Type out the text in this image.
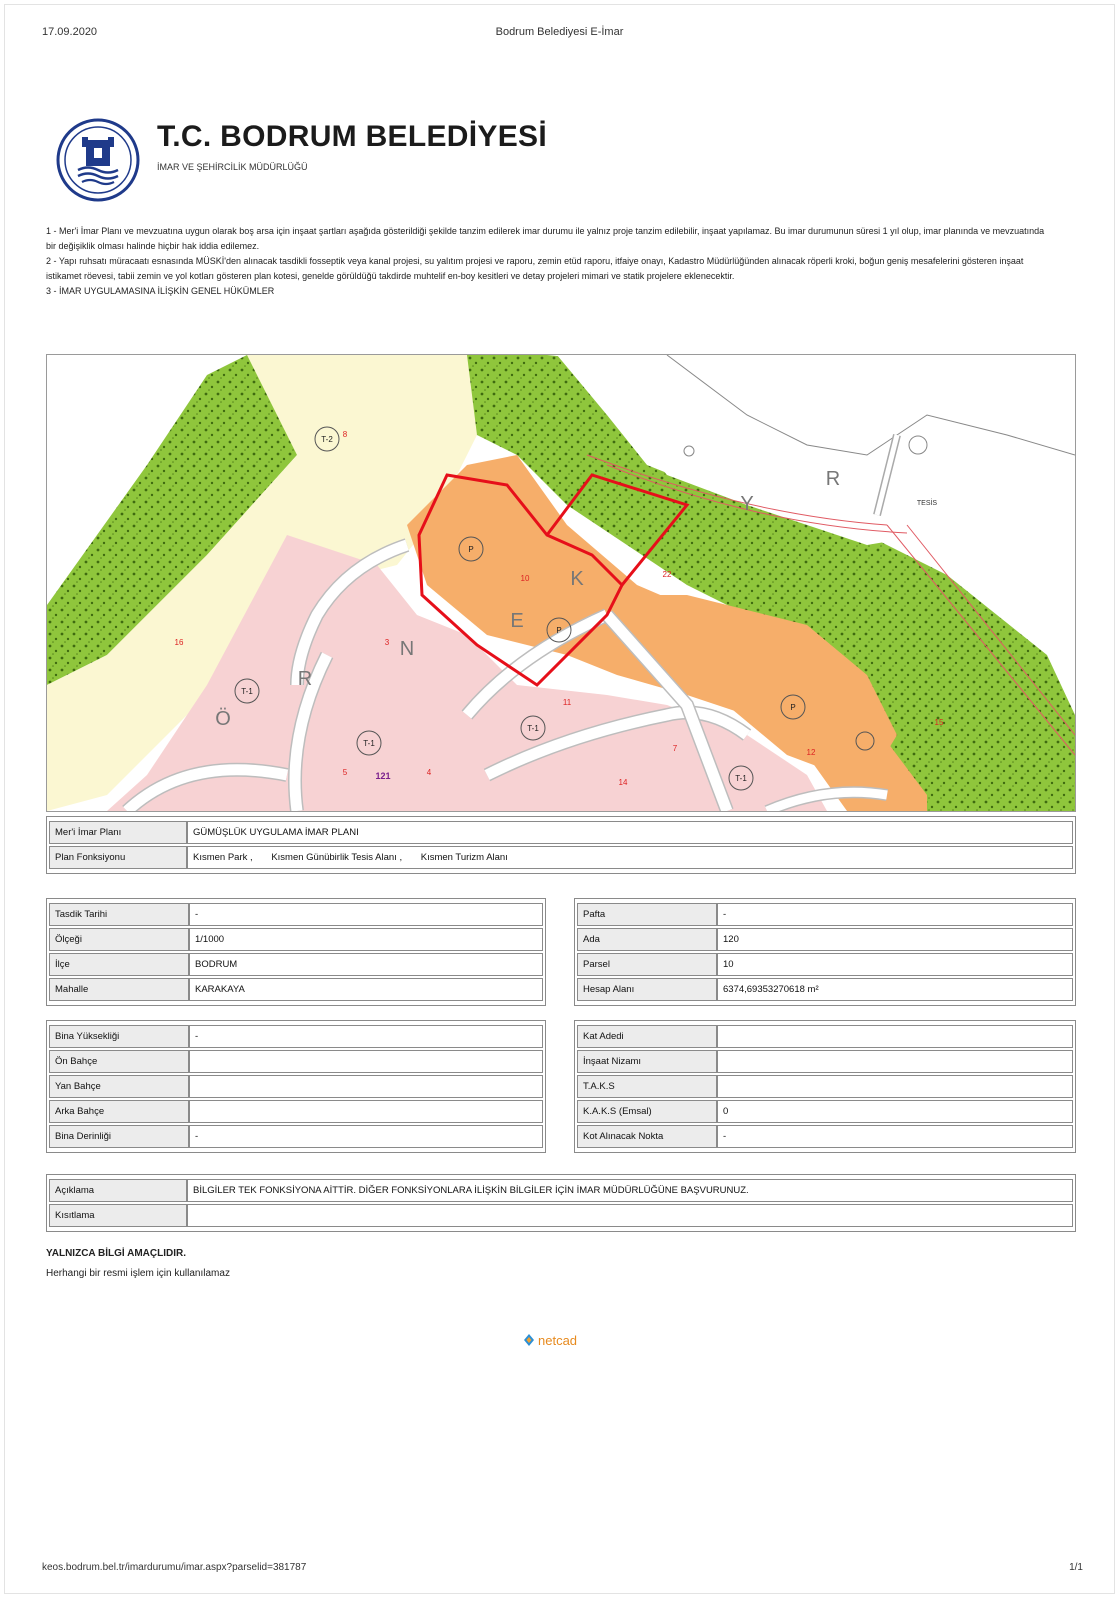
17.09.2020	Bodrum Belediyesi E-İmar
T.C. BODRUM BELEDİYESİ
İMAR VE ŞEHİRCİLİK MÜDÜRLÜĞÜ

1 - Mer'i İmar Planı ve mevzuatına uygun olarak boş arsa için inşaat şartları aşağıda gösterildiği şekilde tanzim edilerek imar durumu ile yalnız proje tanzim edilebilir, inşaat yapılamaz. Bu imar durumunun süresi 1 yıl olup, imar planında ve mevzuatında bir değişiklik olması halinde hiçbir hak iddia edilemez.

2 - Yapı ruhsatı müracaatı esnasında MÜSKİ'den alınacak tasdikli fosseptik veya kanal projesi, su yalıtım projesi ve raporu, zemin etüd raporu, itfaiye onayı, Kadastro Müdürlüğünden alınacak röperli kroki, boğun geniş mesafelerini gösteren inşaat istikamet röevesi, tabii zemin ve yol kotları gösteren plan kotesi, genelde görüldüğü takdirde muhtelif en-boy kesitleri ve detay projeleri mimari ve statik projelere eklenecektir.

3 - İMAR UYGULAMASINA İLİŞKİN GENEL HÜKÜMLER

T-2
T-1
T-1
T-1
T-1
P
P
P
Ö
R
N
E
K
Y
R
8
3
4
5
7
11
12
14
15
16
22
10
121
TESİS
Mer'i İmar Planı	GÜMÜŞLÜK UYGULAMA İMAR PLANI
Plan Fonksiyonu	Kısmen Park , Kısmen Günübirlik Tesis Alanı , Kısmen Turizm Alanı
Tasdik Tarihi	-
Ölçeği	1/1000
İlçe	BODRUM
Mahalle	KARAKAYA
Pafta	-
Ada	120
Parsel	10
Hesap Alanı	6374,69353270618 m²
Bina Yüksekliği	-
Ön Bahçe	
Yan Bahçe	
Arka Bahçe	
Bina Derinliği	-
Kat Adedi	
İnşaat Nizamı	
T.A.K.S	
K.A.K.S (Emsal)	0
Kot Alınacak Nokta	-
Açıklama	BİLGİLER TEK FONKSİYONA AİTTİR. DİĞER FONKSİYONLARA İLİŞKİN BİLGİLER İÇİN İMAR MÜDÜRLÜĞÜNE BAŞVURUNUZ.
Kısıtlama	
YALNIZCA BİLGİ AMAÇLIDIR.
Herhangi bir resmi işlem için kullanılamaz
netcad
keos.bodrum.bel.tr/imardurumu/imar.aspx?parselid=381787	1/1
